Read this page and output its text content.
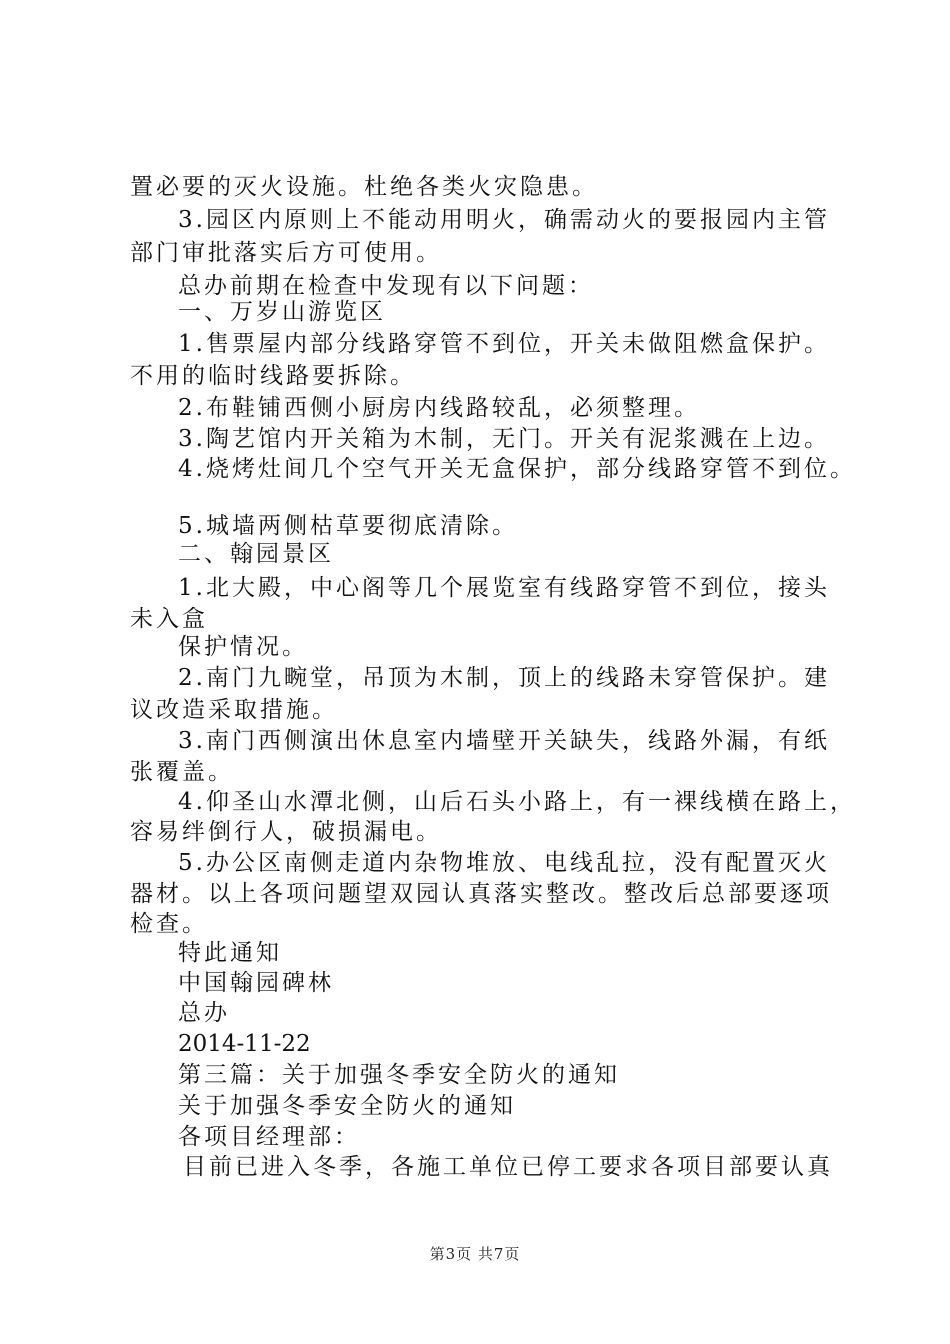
置必要的灭火设施。杜绝各类火灾隐患。
3.园区内原则上不能动用明火，确需动火的要报园内主管
部门审批落实后方可使用。
总办前期在检查中发现有以下问题：
一、万岁山游览区
1.售票屋内部分线路穿管不到位，开关未做阻燃盒保护。
不用的临时线路要拆除。
2.布鞋铺西侧小厨房内线路较乱，必须整理。
3.陶艺馆内开关箱为木制，无门。开关有泥浆溅在上边。
4.烧烤灶间几个空气开关无盒保护，部分线路穿管不到位。
5.城墙两侧枯草要彻底清除。
二、翰园景区
1.北大殿，中心阁等几个展览室有线路穿管不到位，接头
未入盒
保护情况。
2.南门九畹堂，吊顶为木制，顶上的线路未穿管保护。建
议改造采取措施。
3.南门西侧演出休息室内墙壁开关缺失，线路外漏，有纸
张覆盖。
4.仰圣山水潭北侧，山后石头小路上，有一裸线横在路上，
容易绊倒行人，破损漏电。
5.办公区南侧走道内杂物堆放、电线乱拉，没有配置灭火
器材。以上各项问题望双园认真落实整改。整改后总部要逐项
检查。
特此通知
中国翰园碑林
总办
2014-11-22
第三篇：关于加强冬季安全防火的通知
关于加强冬季安全防火的通知
各项目经理部：
目前已进入冬季，各施工单位已停工要求各项目部要认真
第3页 共7页
